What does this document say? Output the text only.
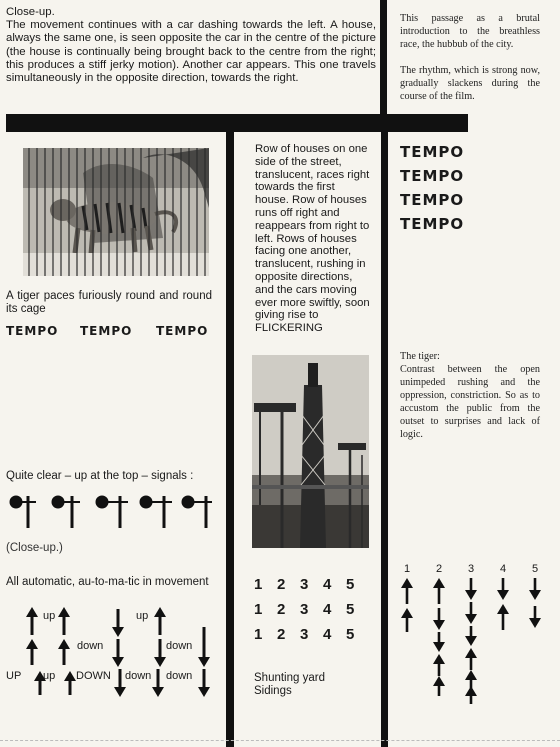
Close-up.
The movement continues with a car dashing towards the left. A house, always the same one, is seen opposite the car in the centre of the picture (the house is continually being brought back to the centre from the right; this produces a stiff jerky motion). Another car appears. This one travels simultaneously in the opposite direction, towards the right.
This passage as a brutal introduction to the breathless race, the hubbub of the city.
The rhythm, which is strong now, gradually slackens during the course of the film.
A tiger paces furiously round and round its cage
TEMPO TEMPO TEMPO
Quite clear – up at the top – signals :
(Close-up.)
All automatic, au-to-ma-tic in movement
up	up
down	down
UP up DOWN down down
Row of houses on one side of the street, translucent, races right towards the first house. Row of houses runs off right and reappears from right to left. Rows of houses facing one another, translucent, rushing in opposite directions, and the cars moving ever more swiftly, soon giving rise to FLICKERING
1 2 3 4 5
1 2 3 4 5
1 2 3 4 5
Shunting yard
Sidings
TEMPO
TEMPO
TEMPO
TEMPO
The tiger:
Contrast between the open unimpeded rushing and the oppression, constriction. So as to accustom the public from the outset to surprises and lack of logic.
1 2 3 4 5
